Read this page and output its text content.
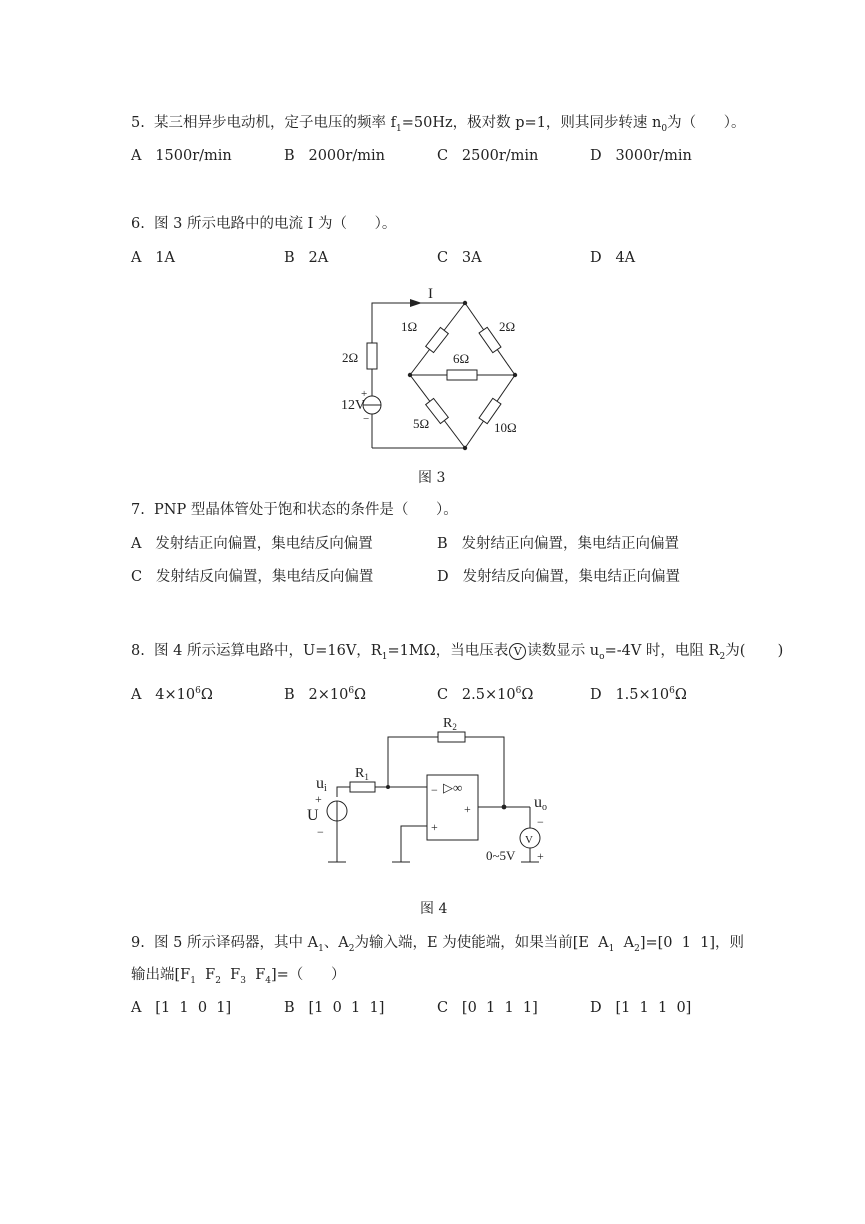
5.  某三相异步电动机，定子电压的频率 $f_1=50Hz$，极对数 p=1，则其同步转速 $n_0$为（      ）。
A   1500r/min	B   2000r/min	C   2500r/min	D   3000r/min
6.  图 3 所示电路中的电流 I 为（      ）。
A   1A	B   2A	C   3A	D   4A
I
2Ω
1Ω	2Ω
6Ω
5Ω	10Ω
12V
+
−
图 3
7.  PNP 型晶体管处于饱和状态的条件是（      ）。
A   发射结正向偏置，集电结反向偏置	B   发射结正向偏置，集电结正向偏置
C   发射结反向偏置，集电结反向偏置	D   发射结反向偏置，集电结正向偏置
8.  图 4 所示运算电路中，U=16V，$R_1=1M\Omega$，当电压表 V 读数显示 $u_o=-4V$ 时，电阻 $R_2$为(       )
A   $4\times 10^6\Omega$	B   $2\times 10^6\Omega$	C   $2.5\times 10^6\Omega$	D   $1.5\times 10^6\Omega$
$R_2$
$R_1$
ui
U
+
−
▷∞
−
+
+	uo
−
+
V
0~5V
图 4
9.  图 5 所示译码器，其中 $A_1$、$A_2$为输入端，E 为使能端，如果当前[E  $A_1$  $A_2]=[0$  1  1]，则
输出端[$F_1$  $F_2$  $F_3$  $F_4]=$（      ）
A   [1  1  0  1]	B   [1  0  1  1]	C   [0  1  1  1]	D   [1  1  1  0]
